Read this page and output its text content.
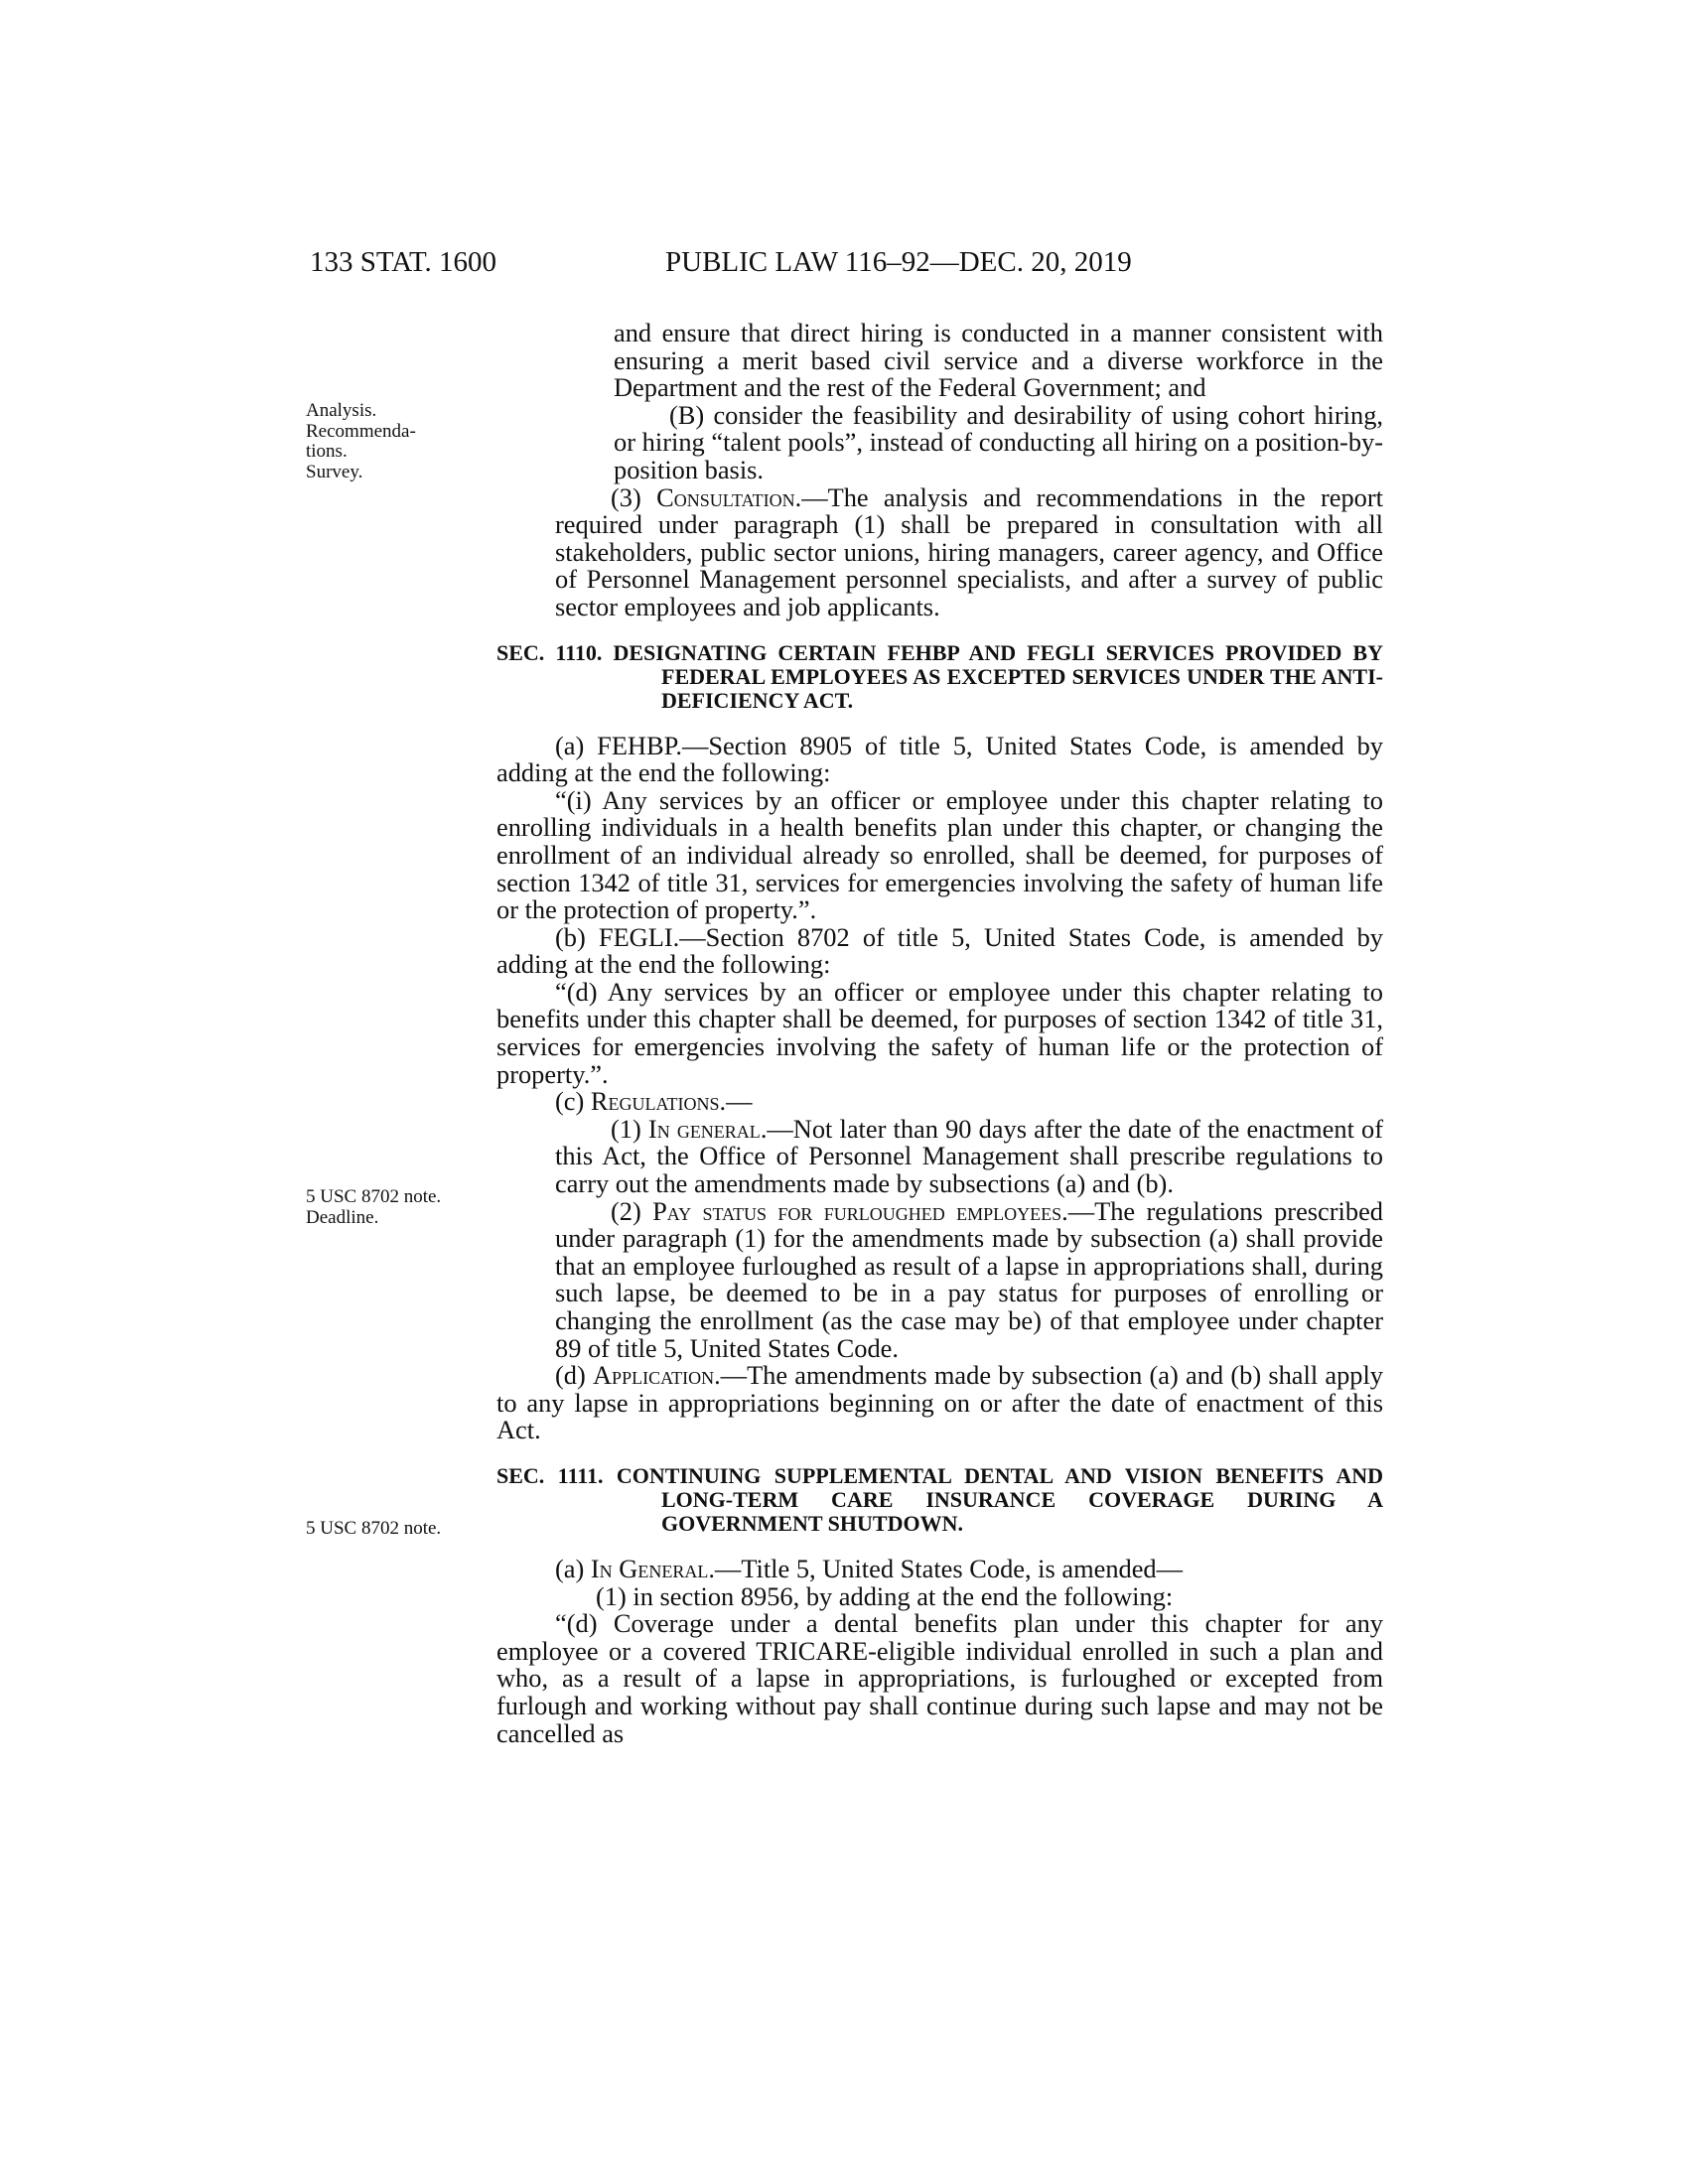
133 STAT. 1600	PUBLIC LAW 116–92—DEC. 20, 2019
Analysis.
Recommenda-
tions.
Survey.
5 USC 8702 note.
Deadline.
5 USC 8702 note.

and ensure that direct hiring is conducted in a manner consistent with ensuring a merit based civil service and a diverse workforce in the Department and the rest of the Federal Government; and

(B) consider the feasibility and desirability of using cohort hiring, or hiring “talent pools”, instead of conducting all hiring on a position-by-position basis.

(3) Consultation.—The analysis and recommendations in the report required under paragraph (1) shall be prepared in consultation with all stakeholders, public sector unions, hiring managers, career agency, and Office of Personnel Management personnel specialists, and after a survey of public sector employees and job applicants.

SEC. 1110. DESIGNATING CERTAIN FEHBP AND FEGLI SERVICES PROVIDED BY FEDERAL EMPLOYEES AS EXCEPTED SERVICES UNDER THE ANTI-DEFICIENCY ACT.

(a) FEHBP.—Section 8905 of title 5, United States Code, is amended by adding at the end the following:

“(i) Any services by an officer or employee under this chapter relating to enrolling individuals in a health benefits plan under this chapter, or changing the enrollment of an individual already so enrolled, shall be deemed, for purposes of section 1342 of title 31, services for emergencies involving the safety of human life or the protection of property.”.

(b) FEGLI.—Section 8702 of title 5, United States Code, is amended by adding at the end the following:

“(d) Any services by an officer or employee under this chapter relating to benefits under this chapter shall be deemed, for purposes of section 1342 of title 31, services for emergencies involving the safety of human life or the protection of property.”.

(c) Regulations.—

(1) In general.—Not later than 90 days after the date of the enactment of this Act, the Office of Personnel Management shall prescribe regulations to carry out the amendments made by subsections (a) and (b).

(2) Pay status for furloughed employees.—The regulations prescribed under paragraph (1) for the amendments made by subsection (a) shall provide that an employee furloughed as result of a lapse in appropriations shall, during such lapse, be deemed to be in a pay status for purposes of enrolling or changing the enrollment (as the case may be) of that employee under chapter 89 of title 5, United States Code.

(d) Application.—The amendments made by subsection (a) and (b) shall apply to any lapse in appropriations beginning on or after the date of enactment of this Act.

SEC. 1111. CONTINUING SUPPLEMENTAL DENTAL AND VISION BENEFITS AND LONG-TERM CARE INSURANCE COVERAGE DURING A GOVERNMENT SHUTDOWN.

(a) In General.—Title 5, United States Code, is amended—

(1) in section 8956, by adding at the end the following:

“(d) Coverage under a dental benefits plan under this chapter for any employee or a covered TRICARE-eligible individual enrolled in such a plan and who, as a result of a lapse in appropriations, is furloughed or excepted from furlough and working without pay shall continue during such lapse and may not be cancelled as
